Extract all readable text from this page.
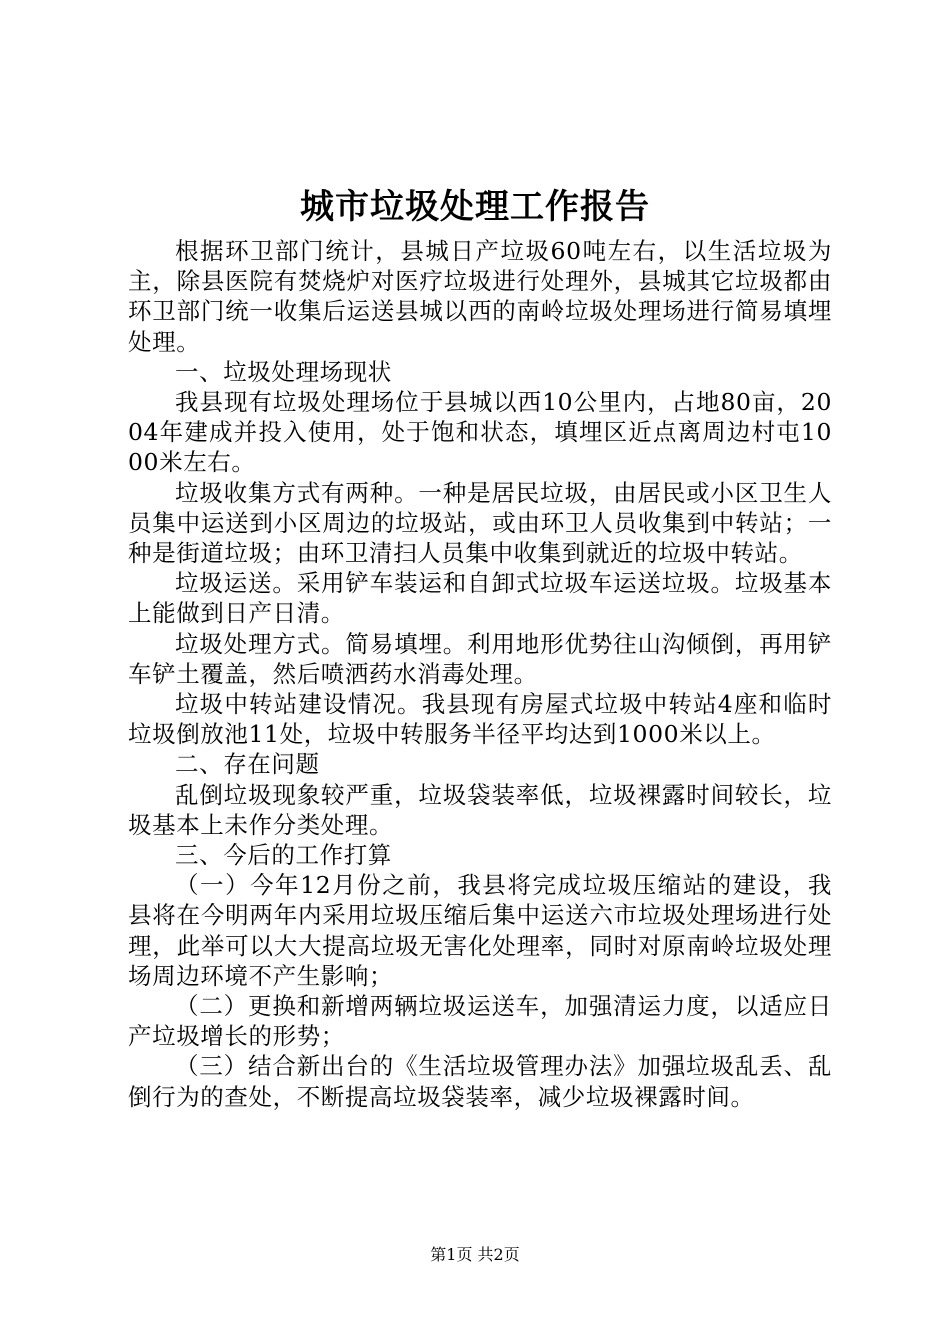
城市垃圾处理工作报告

根据环卫部门统计，县城日产垃圾60吨左右，以生活垃圾为主，除县医院有焚烧炉对医疗垃圾进行处理外，县城其它垃圾都由环卫部门统一收集后运送县城以西的南岭垃圾处理场进行简易填埋处理。

一、垃圾处理场现状

我县现有垃圾处理场位于县城以西10公里内，占地80亩，2004年建成并投入使用，处于饱和状态，填埋区近点离周边村屯1000米左右。

垃圾收集方式有两种。一种是居民垃圾，由居民或小区卫生人员集中运送到小区周边的垃圾站，或由环卫人员收集到中转站；一种是街道垃圾；由环卫清扫人员集中收集到就近的垃圾中转站。

垃圾运送。采用铲车装运和自卸式垃圾车运送垃圾。垃圾基本上能做到日产日清。

垃圾处理方式。简易填埋。利用地形优势往山沟倾倒，再用铲车铲土覆盖，然后喷洒药水消毒处理。

垃圾中转站建设情况。我县现有房屋式垃圾中转站4座和临时垃圾倒放池11处，垃圾中转服务半径平均达到1000米以上。

二、存在问题

乱倒垃圾现象较严重，垃圾袋装率低，垃圾裸露时间较长，垃圾基本上未作分类处理。

三、今后的工作打算

（一）今年12月份之前，我县将完成垃圾压缩站的建设，我县将在今明两年内采用垃圾压缩后集中运送六市垃圾处理场进行处理，此举可以大大提高垃圾无害化处理率，同时对原南岭垃圾处理场周边环境不产生影响；

（二）更换和新增两辆垃圾运送车，加强清运力度，以适应日产垃圾增长的形势；

（三）结合新出台的《生活垃圾管理办法》加强垃圾乱丢、乱倒行为的查处，不断提高垃圾袋装率，减少垃圾裸露时间。

第1页 共2页
